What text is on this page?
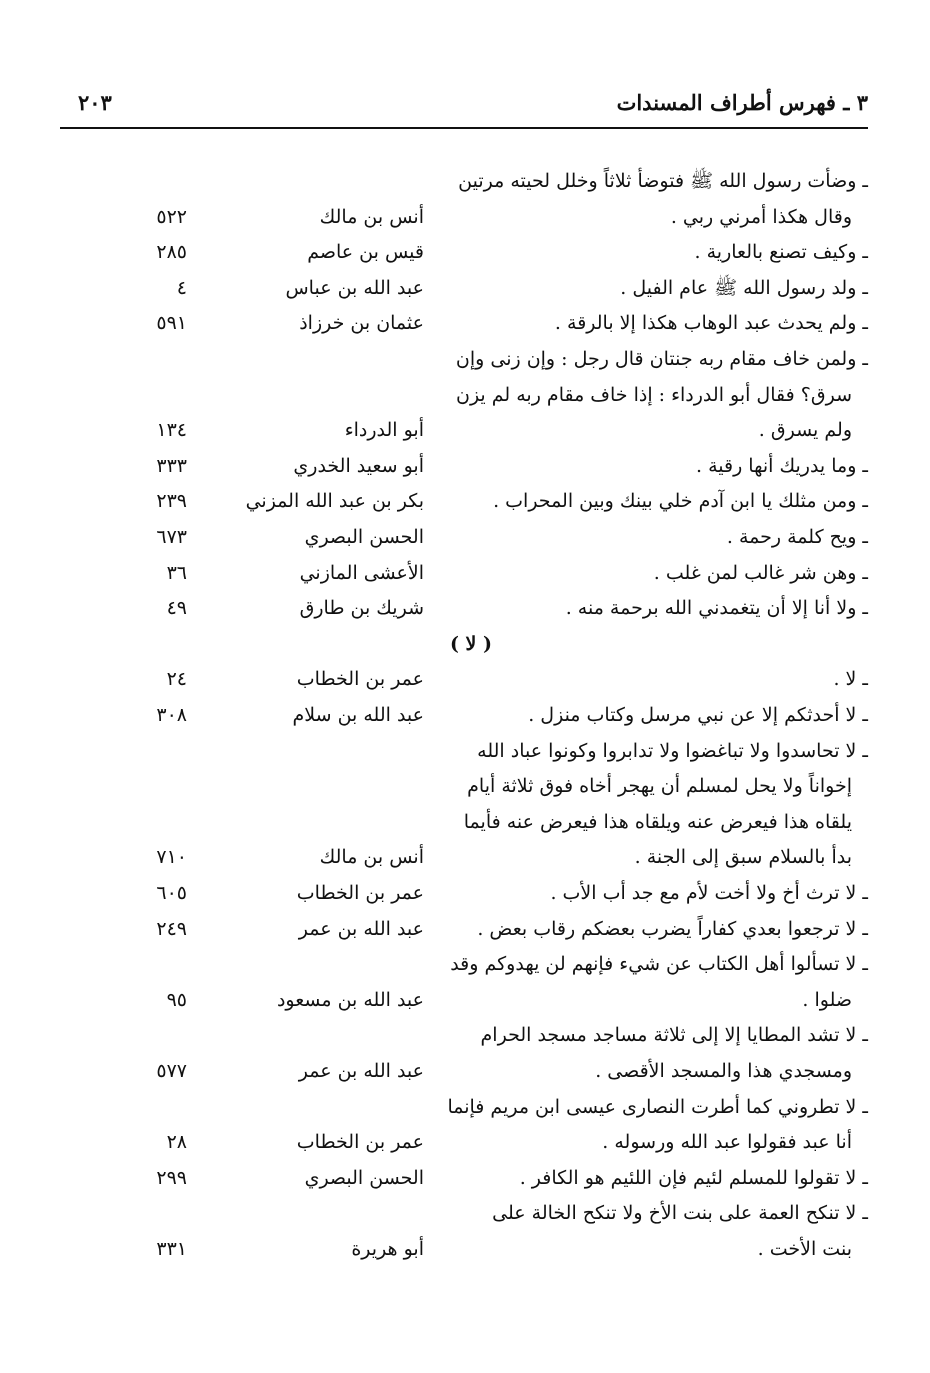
٣ ـ فهرس أطراف المسندات
٢٠٣
ـ وضأت رسول الله ﷺ فتوضأ ثلاثاً وخلل لحيته مرتين
وقال هكذا أمرني ربي .
أنس بن مالك
٥٢٢
ـ وكيف تصنع بالعارية .
قيس بن عاصم
٢٨٥
ـ ولد رسول الله ﷺ عام الفيل .
عبد الله بن عباس
٤
ـ ولم يحدث عبد الوهاب هكذا إلا بالرقة .
عثمان بن خرزاذ
٥٩١
ـ ولمن خاف مقام ربه جنتان قال رجل : وإن زنى وإن
سرق؟ فقال أبو الدرداء : إذا خاف مقام ربه لم يزن
ولم يسرق .
أبو الدرداء
١٣٤
ـ وما يدريك أنها رقية .
أبو سعيد الخدري
٣٣٣
ـ ومن مثلك يا ابن آدم خلي بينك وبين المحراب .
بكر بن عبد الله المزني
٢٣٩
ـ ويح كلمة رحمة .
الحسن البصري
٦٧٣
ـ وهن شر غالب لمن غلب .
الأعشى المازني
٣٦
ـ ولا أنا إلا أن يتغمدني الله برحمة منه .
شريك بن طارق
٤٩
( لا )
ـ لا .
عمر بن الخطاب
٢٤
ـ لا أحدثكم إلا عن نبي مرسل وكتاب منزل .
عبد الله بن سلام
٣٠٨
ـ لا تحاسدوا ولا تباغضوا ولا تدابروا وكونوا عباد الله
إخواناً ولا يحل لمسلم أن يهجر أخاه فوق ثلاثة أيام
يلقاه هذا فيعرض عنه ويلقاه هذا فيعرض عنه فأيما
بدأ بالسلام سبق إلى الجنة .
أنس بن مالك
٧١٠
ـ لا ترث أخ ولا أخت لأم مع جد أب الأب .
عمر بن الخطاب
٦٠٥
ـ لا ترجعوا بعدي كفاراً يضرب بعضكم رقاب بعض .
عبد الله بن عمر
٢٤٩
ـ لا تسألوا أهل الكتاب عن شيء فإنهم لن يهدوكم وقد
ضلوا .
عبد الله بن مسعود
٩٥
ـ لا تشد المطايا إلا إلى ثلاثة مساجد مسجد الحرام
ومسجدي هذا والمسجد الأقصى .
عبد الله بن عمر
٥٧٧
ـ لا تطروني كما أطرت النصارى عيسى ابن مريم فإنما
أنا عبد فقولوا عبد الله ورسوله .
عمر بن الخطاب
٢٨
ـ لا تقولوا للمسلم لئيم فإن اللئيم هو الكافر .
الحسن البصري
٢٩٩
ـ لا تنكح العمة على بنت الأخ ولا تنكح الخالة على
بنت الأخت .
أبو هريرة
٣٣١
